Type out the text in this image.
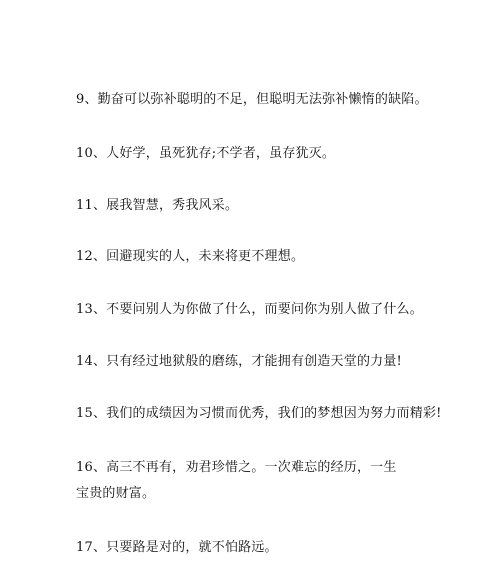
9、勤奋可以弥补聪明的不足，但聪明无法弥补懒惰的缺陷。
10、人好学，虽死犹存;不学者，虽存犹灭。
11、展我智慧，秀我风采。
12、回避现实的人，未来将更不理想。
13、不要问别人为你做了什么，而要问你为别人做了什么。
14、只有经过地狱般的磨练，才能拥有创造天堂的力量!
15、我们的成绩因为习惯而优秀，我们的梦想因为努力而精彩!
16、高三不再有，劝君珍惜之。一次难忘的经历，一生宝贵的财富。
17、只要路是对的，就不怕路远。
